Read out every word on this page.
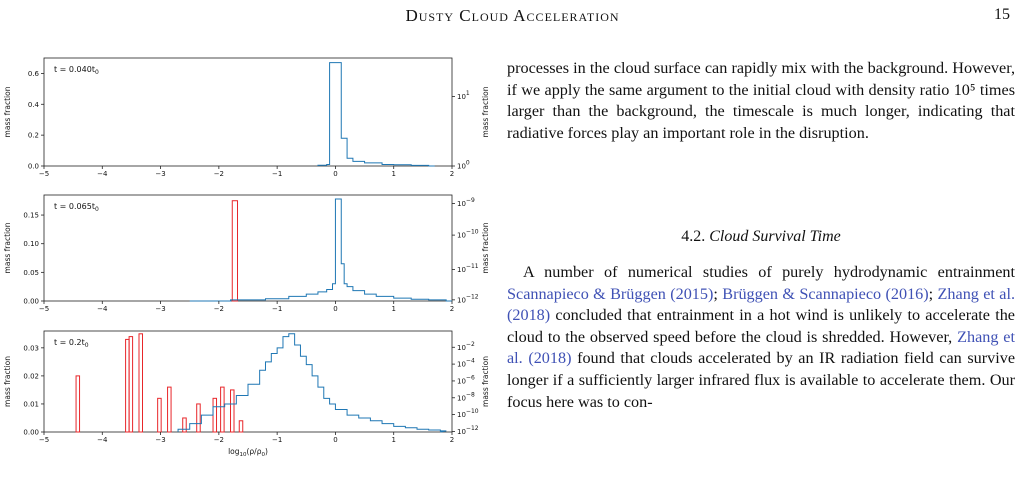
Dusty Cloud Acceleration	15
−5	−4	−3	−2	−1	0	1	2
0.0
0.2
0.4
0.6
100
101
mass fraction	mass fraction
$t = 0.040t_0$
−5	−4	−3	−2	−1	0	1	2
0.00
0.05
0.10
0.15
10−12
10−11
10−10
10−9
mass fraction	mass fraction
$t = 0.065t_0$
−5	−4	−3	−2	−1	0	1	2
0.00
0.01
0.02
0.03
10−12
10−10
10−8
10−6
10−4
10−2
mass fraction	mass fraction
$t = 0.2t_0$
$\log_{10}(\rho/\rho_0)$

processes in the cloud surface can rapidly mix with the background. However, if we apply the same argument to the initial cloud with density ratio 10⁵ times larger than the background, the timescale is much longer, indicating that radiative forces play an important role in the disruption.

4.2. Cloud Survival Time

A number of numerical studies of purely hydrodynamic entrainment Scannapieco & Brüggen (2015); Brüggen & Scannapieco (2016); Zhang et al. (2018) concluded that entrainment in a hot wind is unlikely to accelerate the cloud to the observed speed before the cloud is shredded. However, Zhang et al. (2018) found that clouds accelerated by an IR radiation field can survive longer if a sufficiently larger infrared flux is available to accelerate them. Our focus here was to con-
